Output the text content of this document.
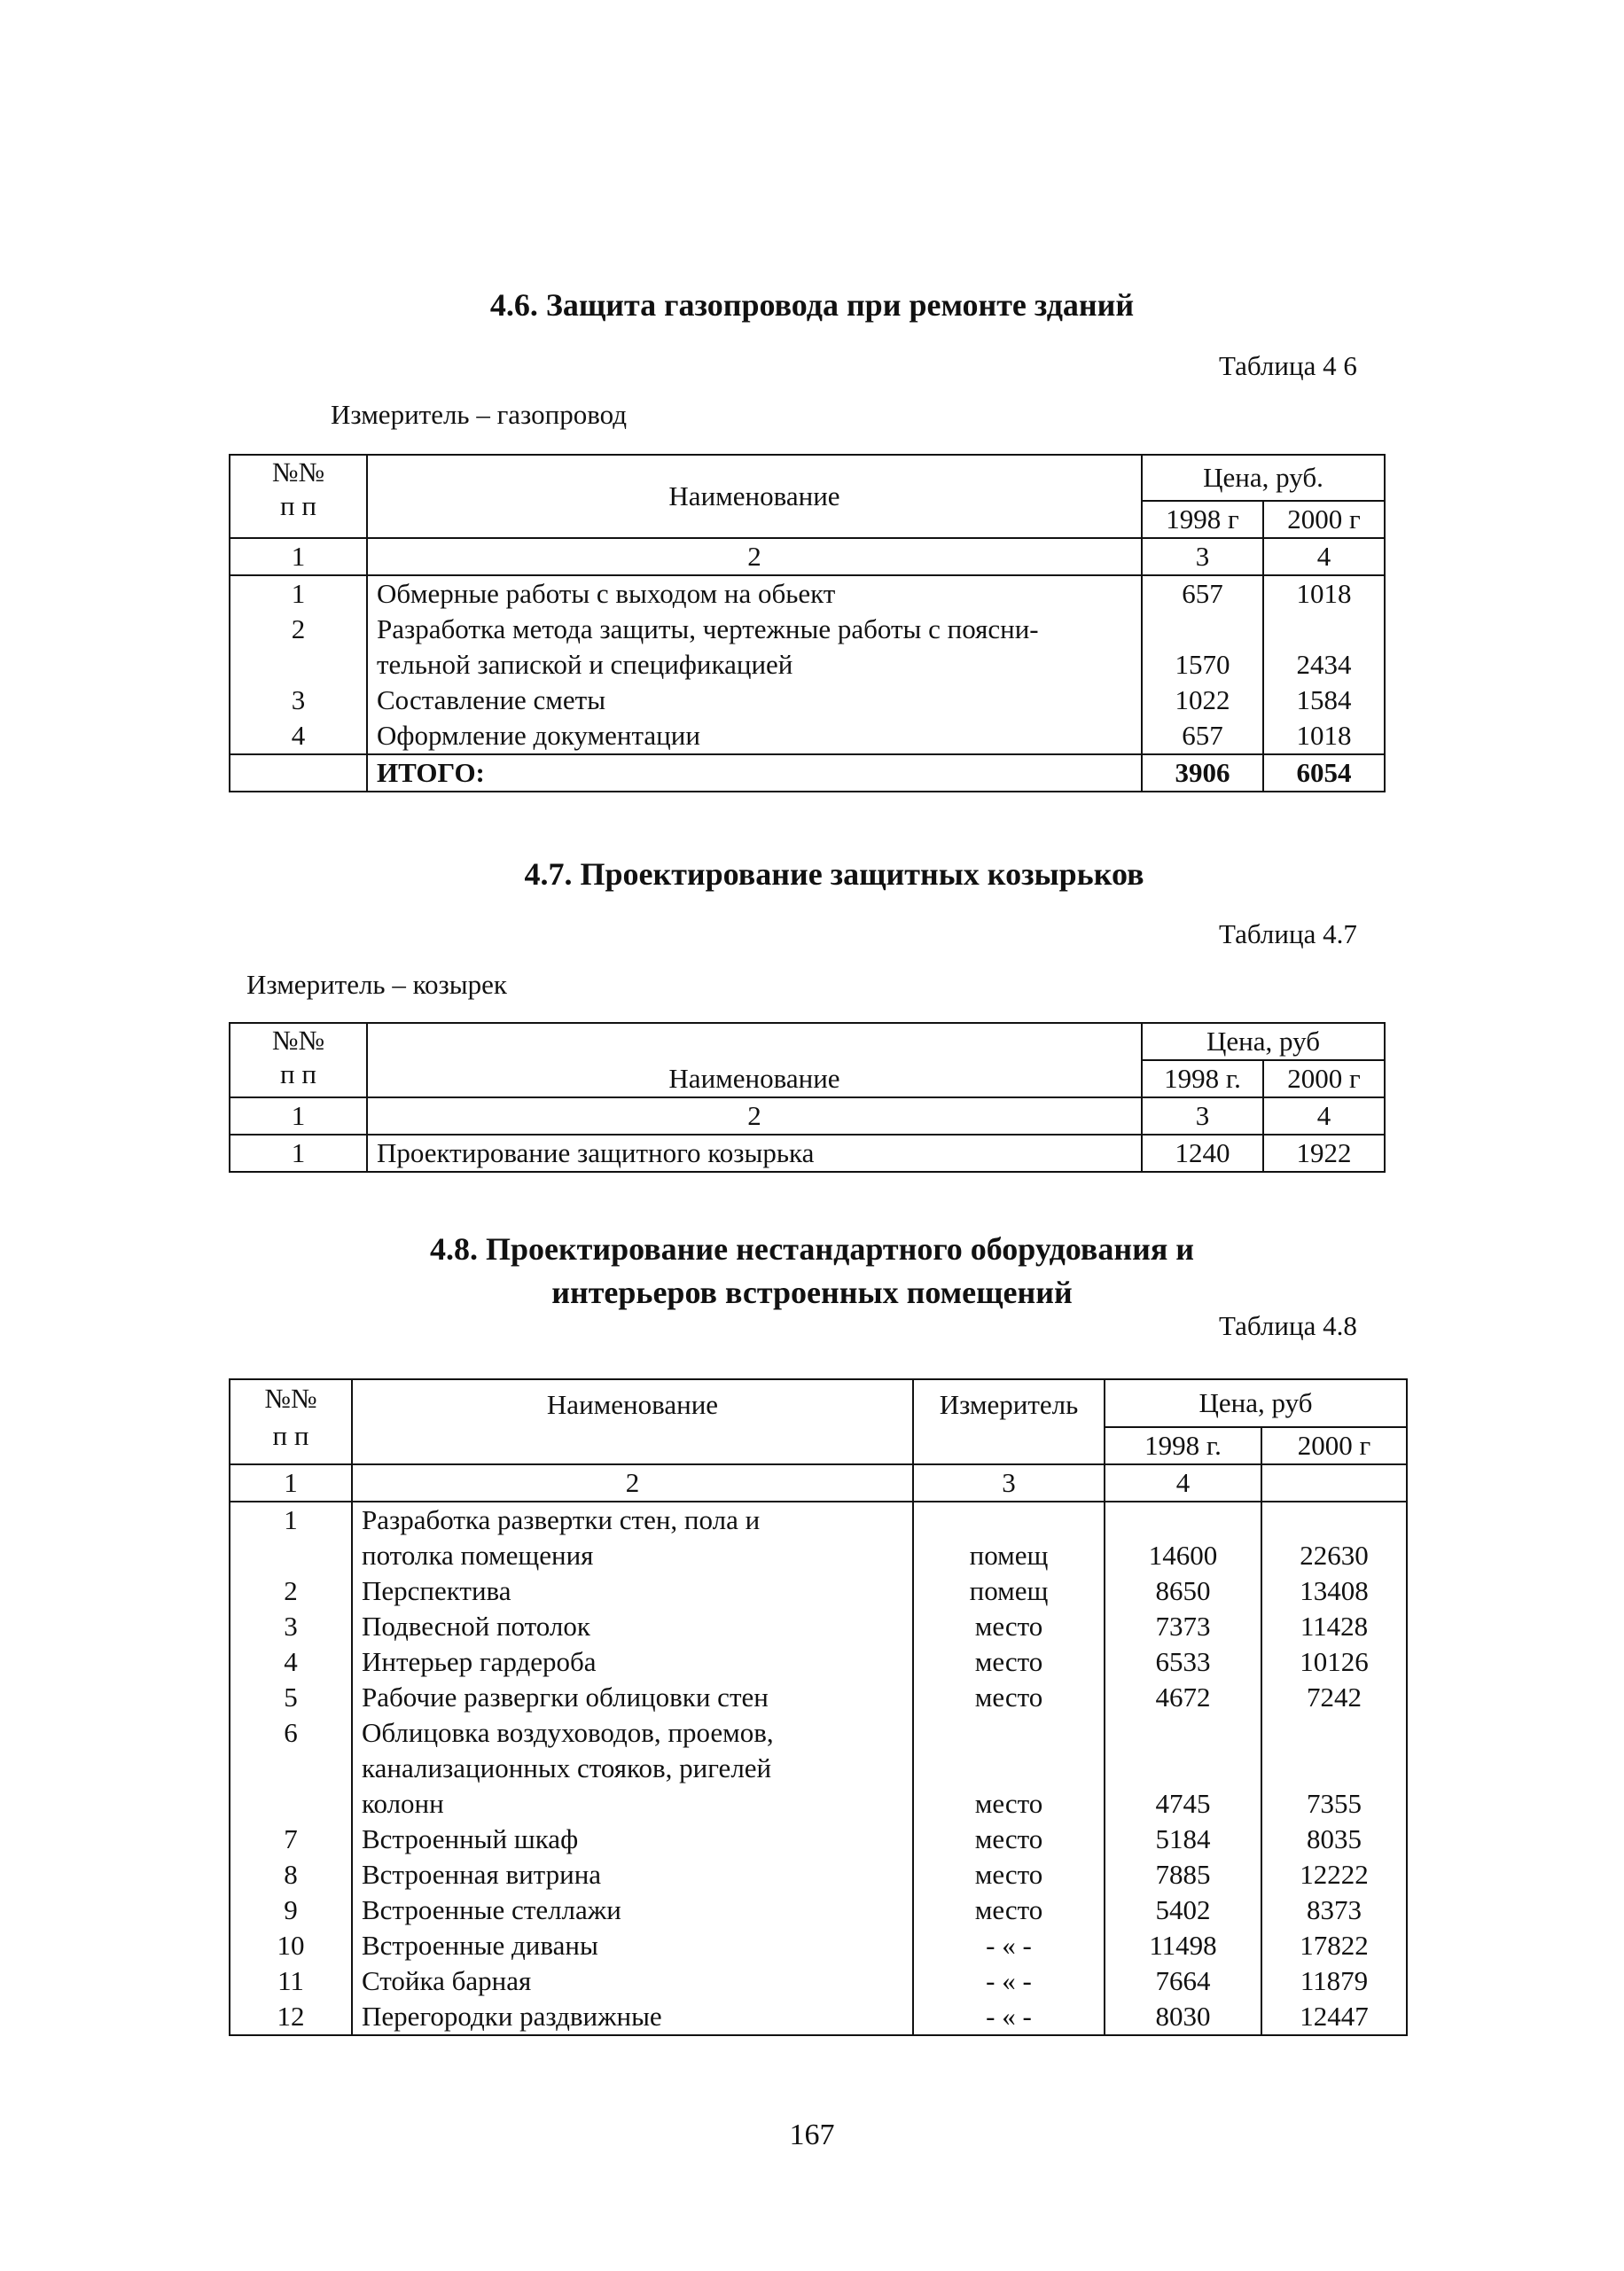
4.6. Защита газопровода при ремонте зданий
Таблица 4 6
Измеритель – газопровод
№№
п п	Наименование	Цена, руб.	
		1998 г	2000 г
1	2	3	4
1	Обмерные работы с выходом на обьект	657	1018
2	Разработка метода защиты, чертежные работы с поясни-		
	тельной запиской и спецификацией	1570	2434
3	Составление сметы	1022	1584
4	Оформление документации	657	1018
	ИТОГО:	3906	6054
4.7. Проектирование защитных козырьков
Таблица 4.7
Измеритель – козырек
№№
п п	Наименование	Цена, руб	
		1998 г.	2000 г
1	2	3	4
1	Проектирование защитного козырька	1240	1922
4.8. Проектирование нестандартного оборудования и
интерьеров встроенных помещений
Таблица 4.8
№№
п п	Наименование	Измеритель	Цена, руб	
			1998 г.	2000 г
1	2	3	4	
1	Разработка развертки стен, пола и			
	потолка помещения	помещ	14600	22630
2	Перспектива	помещ	8650	13408
3	Подвесной потолок	место	7373	11428
4	Интерьер гардероба	место	6533	10126
5	Рабочие развергки облицовки стен	место	4672	7242
6	Облицовка воздуховодов, проемов,			
	канализационных стояков, ригелей			
	колонн	место	4745	7355
7	Встроенный шкаф	место	5184	8035
8	Встроенная витрина	место	7885	12222
9	Встроенные стеллажи	место	5402	8373
10	Встроенные диваны	- « -	11498	17822
11	Стойка барная	- « -	7664	11879
12	Перегородки раздвижные	- « -	8030	12447
167
